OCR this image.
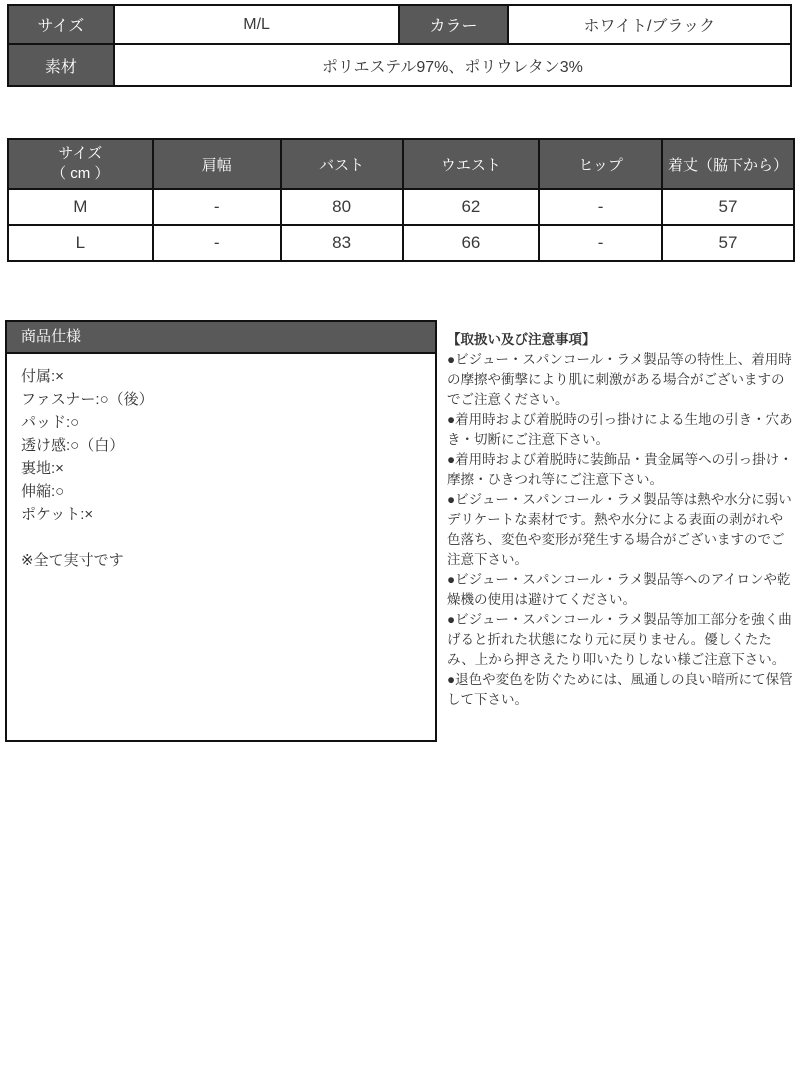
サイズ	M/L	カラー	ホワイト/ブラック
素材	ポリエステル97%、ポリウレタン3%		
サイズ
（ cm ）	肩幅	バスト	ウエスト	ヒップ	着丈（脇下から）
M	-	80	62	-	57
L	-	83	66	-	57
商品仕様
付属:×
ファスナー:○（後）
パッド:○
透け感:○（白）
裏地:×
伸縮:○
ポケット:×
※全て実寸です

【取扱い及び注意事項】

●ビジュー・スパンコール・ラメ製品等の特性上、着用時の摩擦や衝撃により肌に刺激がある場合がございますのでご注意ください。

●着用時および着脱時の引っ掛けによる生地の引き・穴あき・切断にご注意下さい。

●着用時および着脱時に装飾品・貴金属等への引っ掛け・摩擦・ひきつれ等にご注意下さい。

●ビジュー・スパンコール・ラメ製品等は熱や水分に弱いデリケートな素材です。熱や水分による表面の剥がれや色落ち、変色や変形が発生する場合がございますのでご注意下さい。

●ビジュー・スパンコール・ラメ製品等へのアイロンや乾燥機の使用は避けてください。

●ビジュー・スパンコール・ラメ製品等加工部分を強く曲げると折れた状態になり元に戻りません。優しくたたみ、上から押さえたり叩いたりしない様ご注意下さい。

●退色や変色を防ぐためには、風通しの良い暗所にて保管して下さい。
